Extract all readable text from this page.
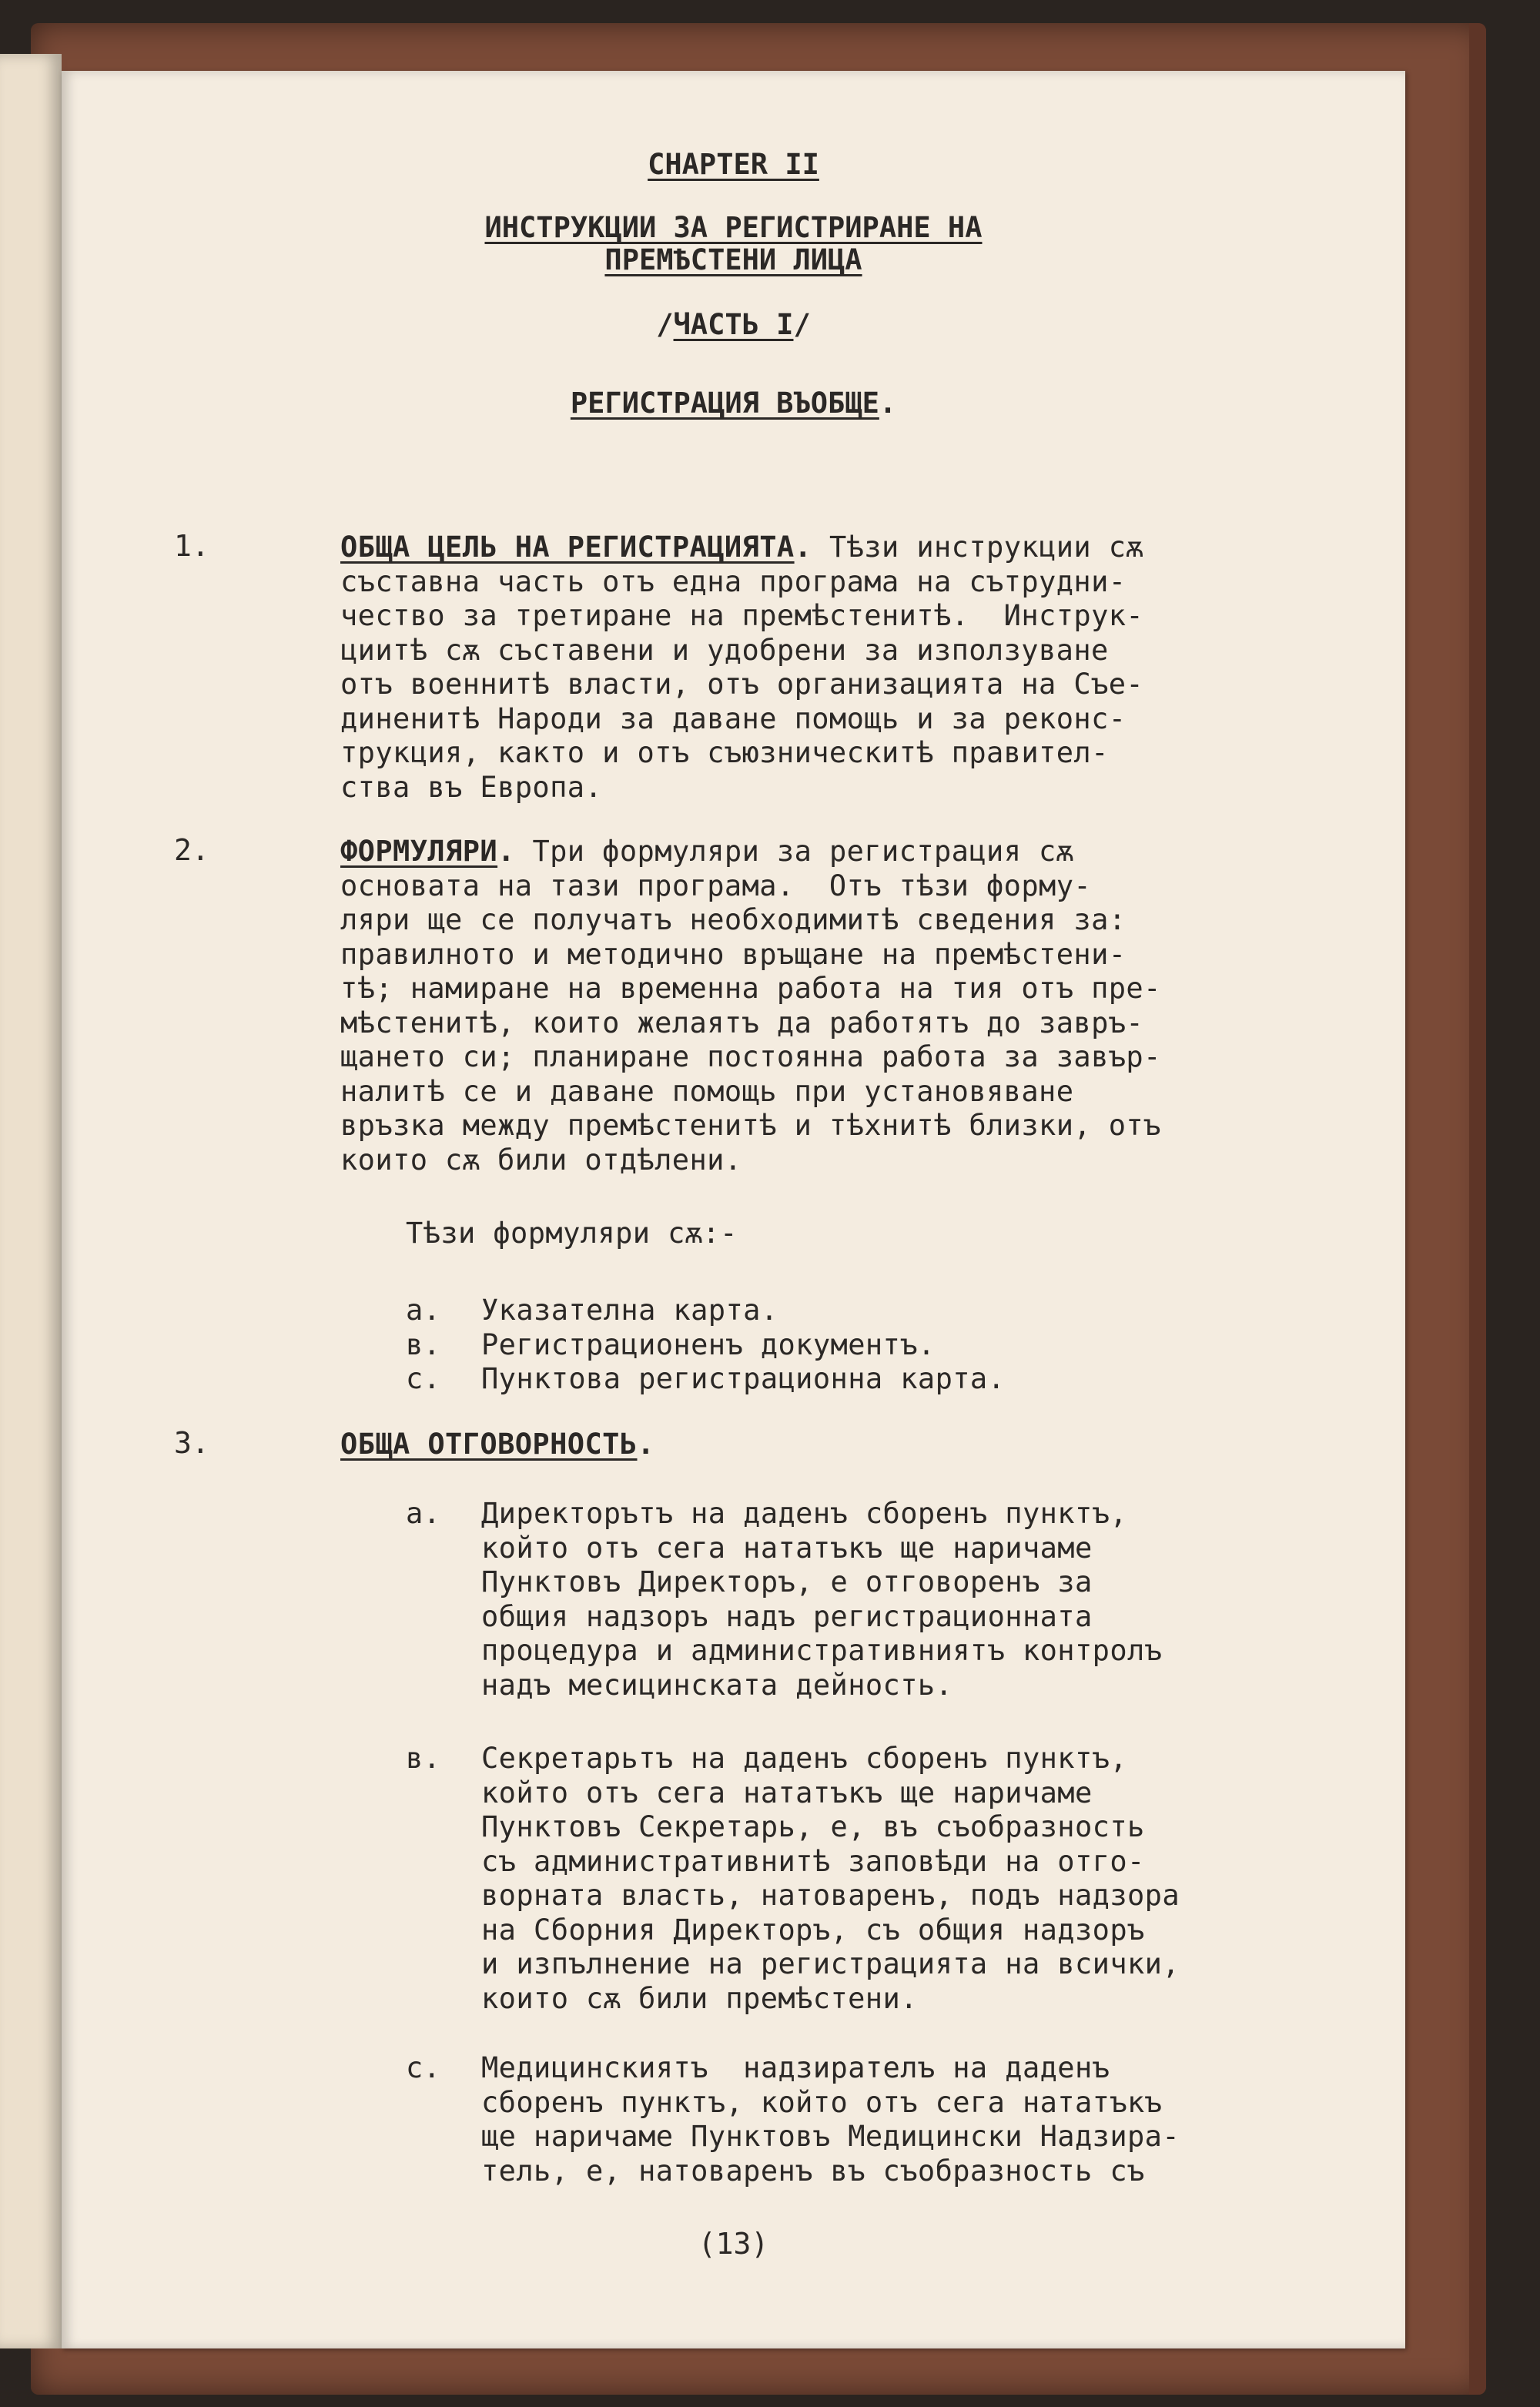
CHAPTER II
ИНСТРУКЦИИ ЗА РЕГИСТРИРАНЕ НА
ПРЕМѢСТЕНИ ЛИЦА
/ЧАСТЬ I/
РЕГИСТРАЦИЯ ВЪОБЩЕ.
1.	ОБЩА ЦЕЛЬ НА РЕГИСТРАЦИЯТА. Тѣзи инструкции сѫ
съставна часть отъ една програма на сътрудни-
чество за третиране на премѣстенитѣ.  Инструк-
циитѣ сѫ съставени и удобрени за използуване
отъ военнитѣ власти, отъ организацията на Съе-
диненитѣ Народи за даване помощь и за реконс-
трукция, както и отъ съюзническитѣ правител-
ства въ Европа.
2.	ФОРМУЛЯРИ. Три формуляри за регистрация сѫ
основата на тази програма.  Отъ тѣзи форму-
ляри ще се получатъ необходимитѣ сведения за:
правилното и методично връщане на премѣстени-
тѣ; намиране на временна работа на тия отъ пре-
мѣстенитѣ, които желаятъ да работятъ до завръ-
щането си; планиране постоянна работа за завър-
налитѣ се и даване помощь при установяване
връзка между премѣстенитѣ и тѣхнитѣ близки, отъ
които сѫ били отдѣлени.
Тѣзи формуляри сѫ:-
a.
в.
c.
Указателна карта.
Регистрационенъ документъ.
Пунктова регистрационна карта.
3.	ОБЩА ОТГОВОРНОСТЬ.
a. Директорътъ на даденъ сборенъ пунктъ,
който отъ сега нататъкъ ще наричаме
Пунктовъ Директоръ, е отговоренъ за
общия надзоръ надъ регистрационната
процедура и административниятъ контролъ
надъ месицинската дейность.
в. Секретарьтъ на даденъ сборенъ пунктъ,
който отъ сега нататъкъ ще наричаме
Пунктовъ Секретарь, е, въ съобразность
съ административнитѣ заповѣди на отго-
ворната власть, натоваренъ, подъ надзора
на Сборния Директоръ, съ общия надзоръ
и изпълнение на регистрацията на всички,
които сѫ били премѣстени.
c. Медицинскиятъ  надзирателъ на даденъ
сборенъ пунктъ, който отъ сега нататъкъ
ще наричаме Пунктовъ Медицински Надзира-
тель, е, натоваренъ въ съобразность съ
(13)
